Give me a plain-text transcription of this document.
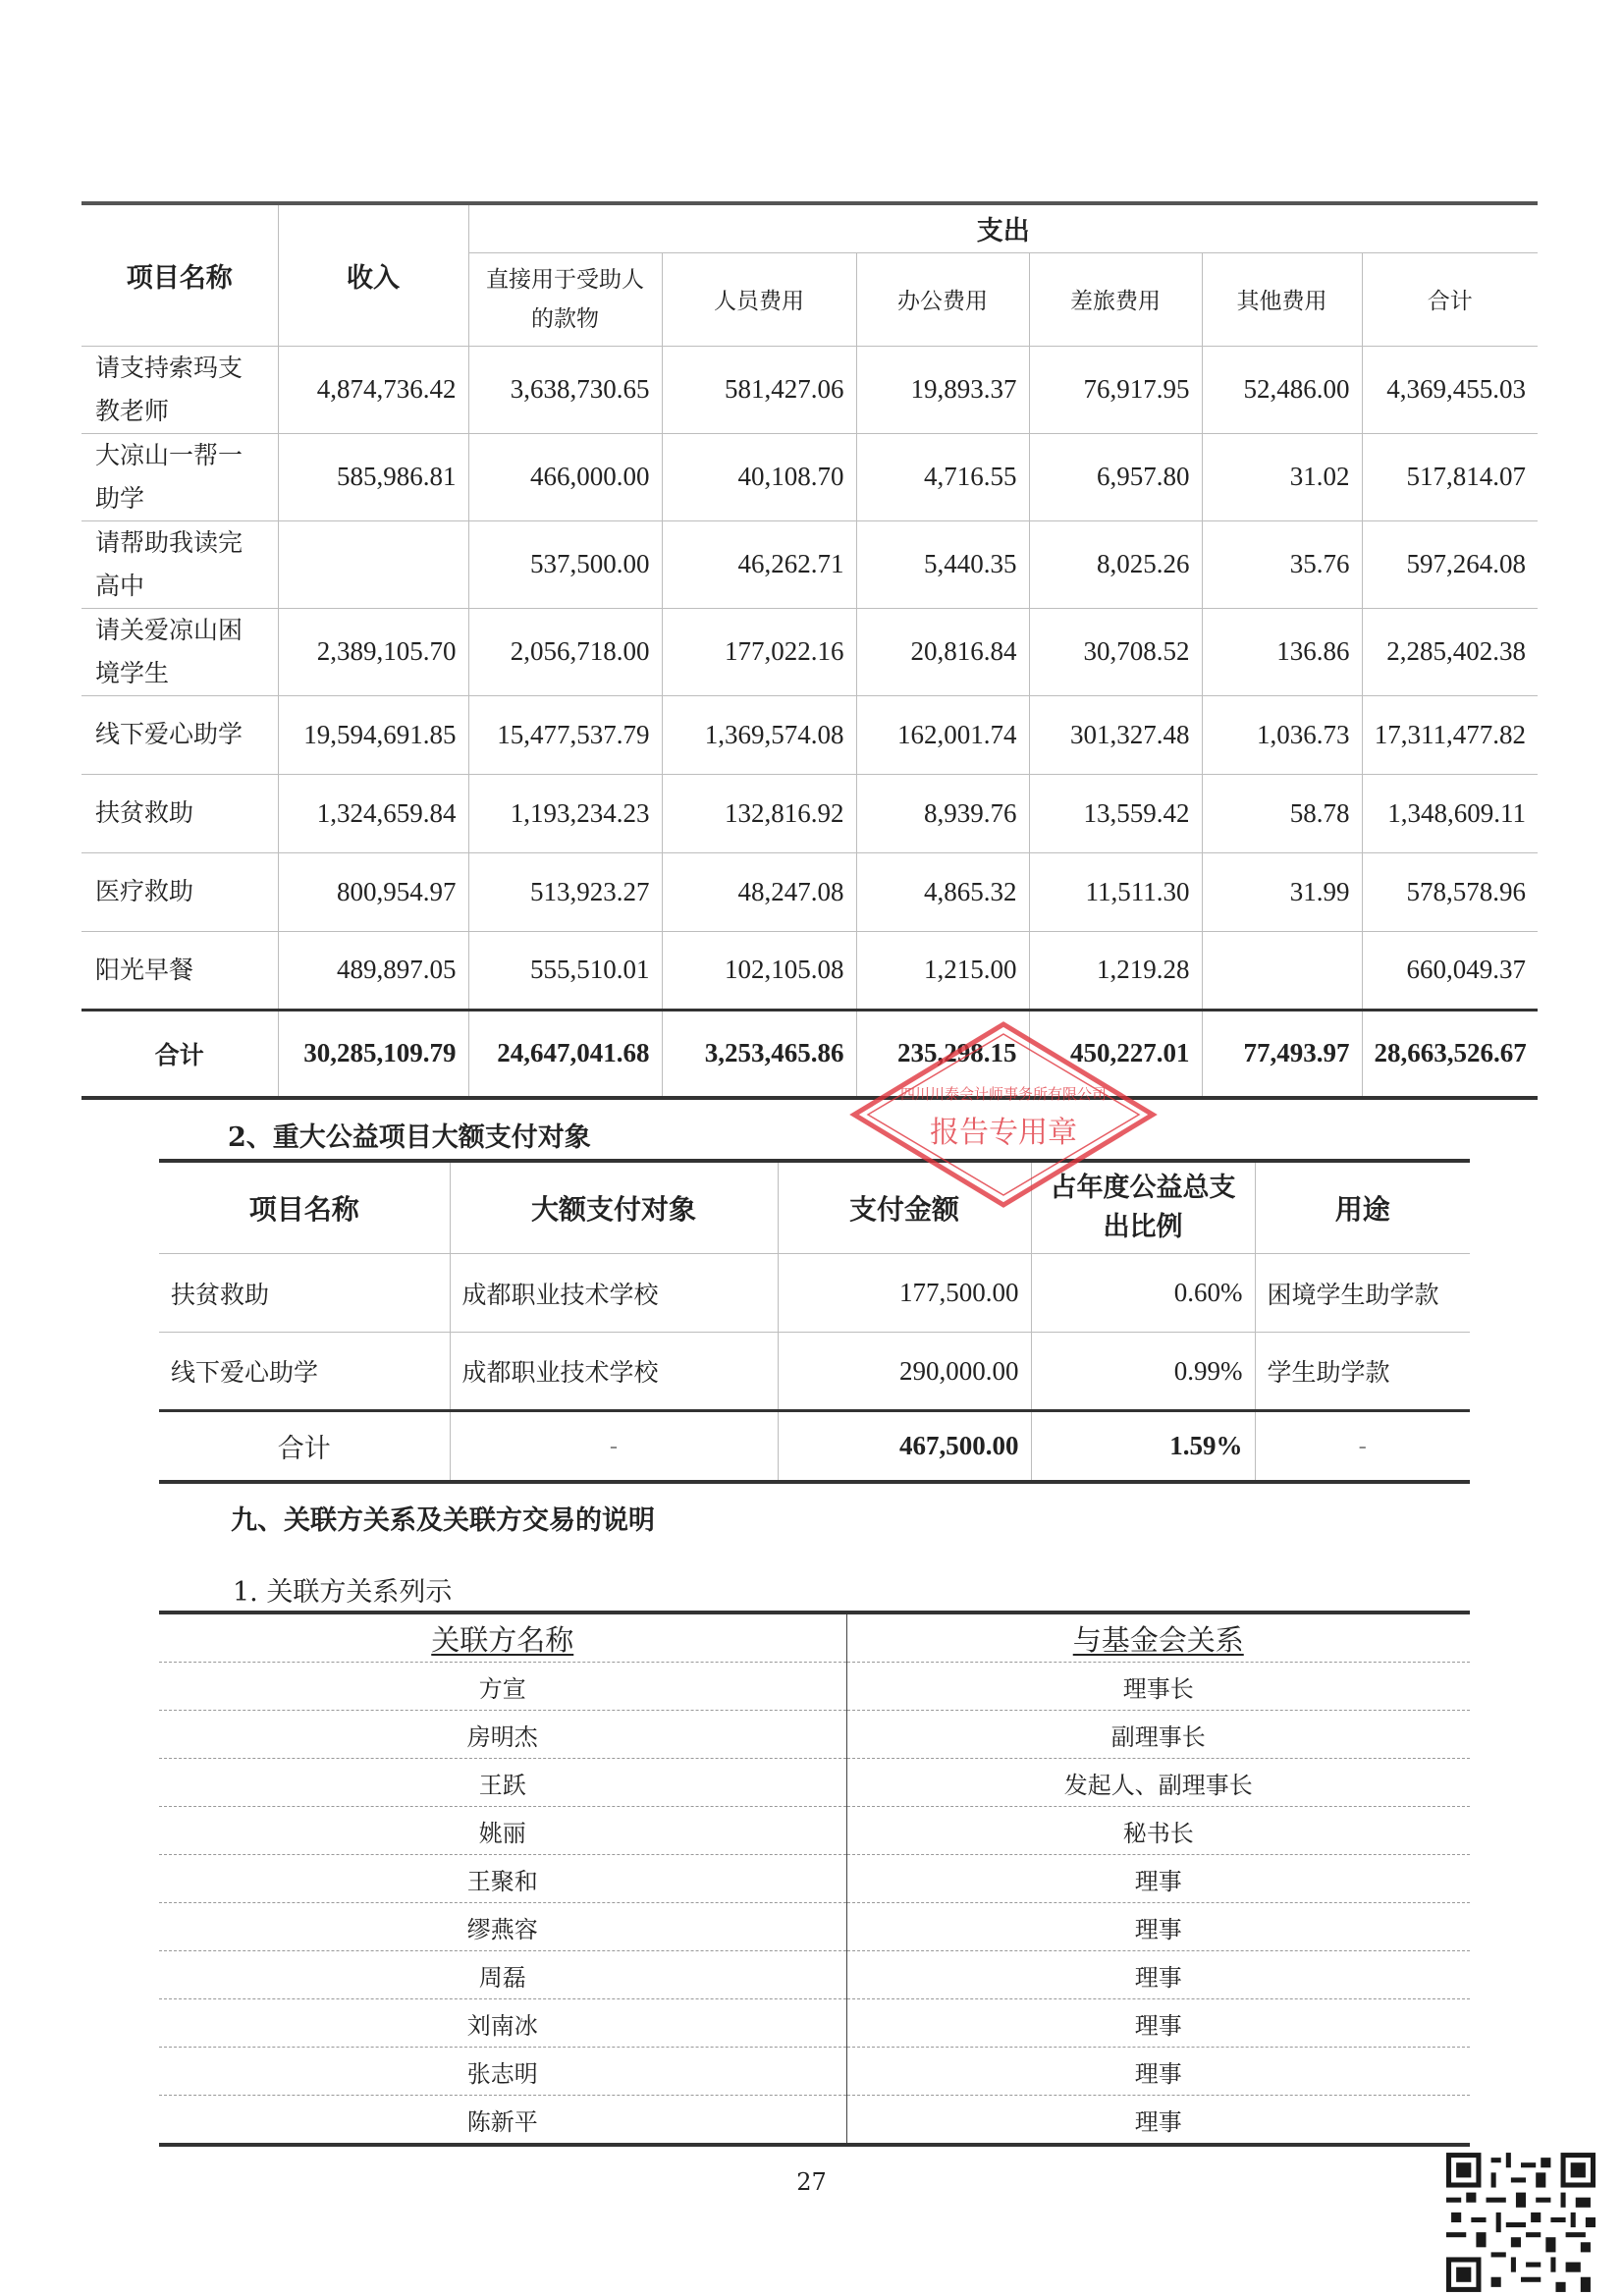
项目名称	收入	支出					
		直接用于受助人的款物	人员费用	办公费用	差旅费用	其他费用	合计
请支持索玛支教老师	4,874,736.42	3,638,730.65	581,427.06	19,893.37	76,917.95	52,486.00	4,369,455.03
大凉山一帮一助学	585,986.81	466,000.00	40,108.70	4,716.55	6,957.80	31.02	517,814.07
请帮助我读完高中		537,500.00	46,262.71	5,440.35	8,025.26	35.76	597,264.08
请关爱凉山困境学生	2,389,105.70	2,056,718.00	177,022.16	20,816.84	30,708.52	136.86	2,285,402.38
线下爱心助学	19,594,691.85	15,477,537.79	1,369,574.08	162,001.74	301,327.48	1,036.73	17,311,477.82
扶贫救助	1,324,659.84	1,193,234.23	132,816.92	8,939.76	13,559.42	58.78	1,348,609.11
医疗救助	800,954.97	513,923.27	48,247.08	4,865.32	11,511.30	31.99	578,578.96
阳光早餐	489,897.05	555,510.01	102,105.08	1,215.00	1,219.28		660,049.37
合计	30,285,109.79	24,647,041.68	3,253,465.86	235,298.15	450,227.01	77,493.97	28,663,526.67
2、重大公益项目大额支付对象
项目名称	大额支付对象	支付金额	占年度公益总支出比例	用途
扶贫救助	成都职业技术学校	177,500.00	0.60%	困境学生助学款
线下爱心助学	成都职业技术学校	290,000.00	0.99%	学生助学款
合计	-	467,500.00	1.59%	-
九、关联方关系及关联方交易的说明
1. 关联方关系列示
关联方名称	与基金会关系
方宣	理事长
房明杰	副理事长
王跃	发起人、副理事长
姚丽	秘书长
王聚和	理事
缪燕容	理事
周磊	理事
刘南冰	理事
张志明	理事
陈新平	理事
27
四川川泰会计师事务所有限公司
报告专用章
